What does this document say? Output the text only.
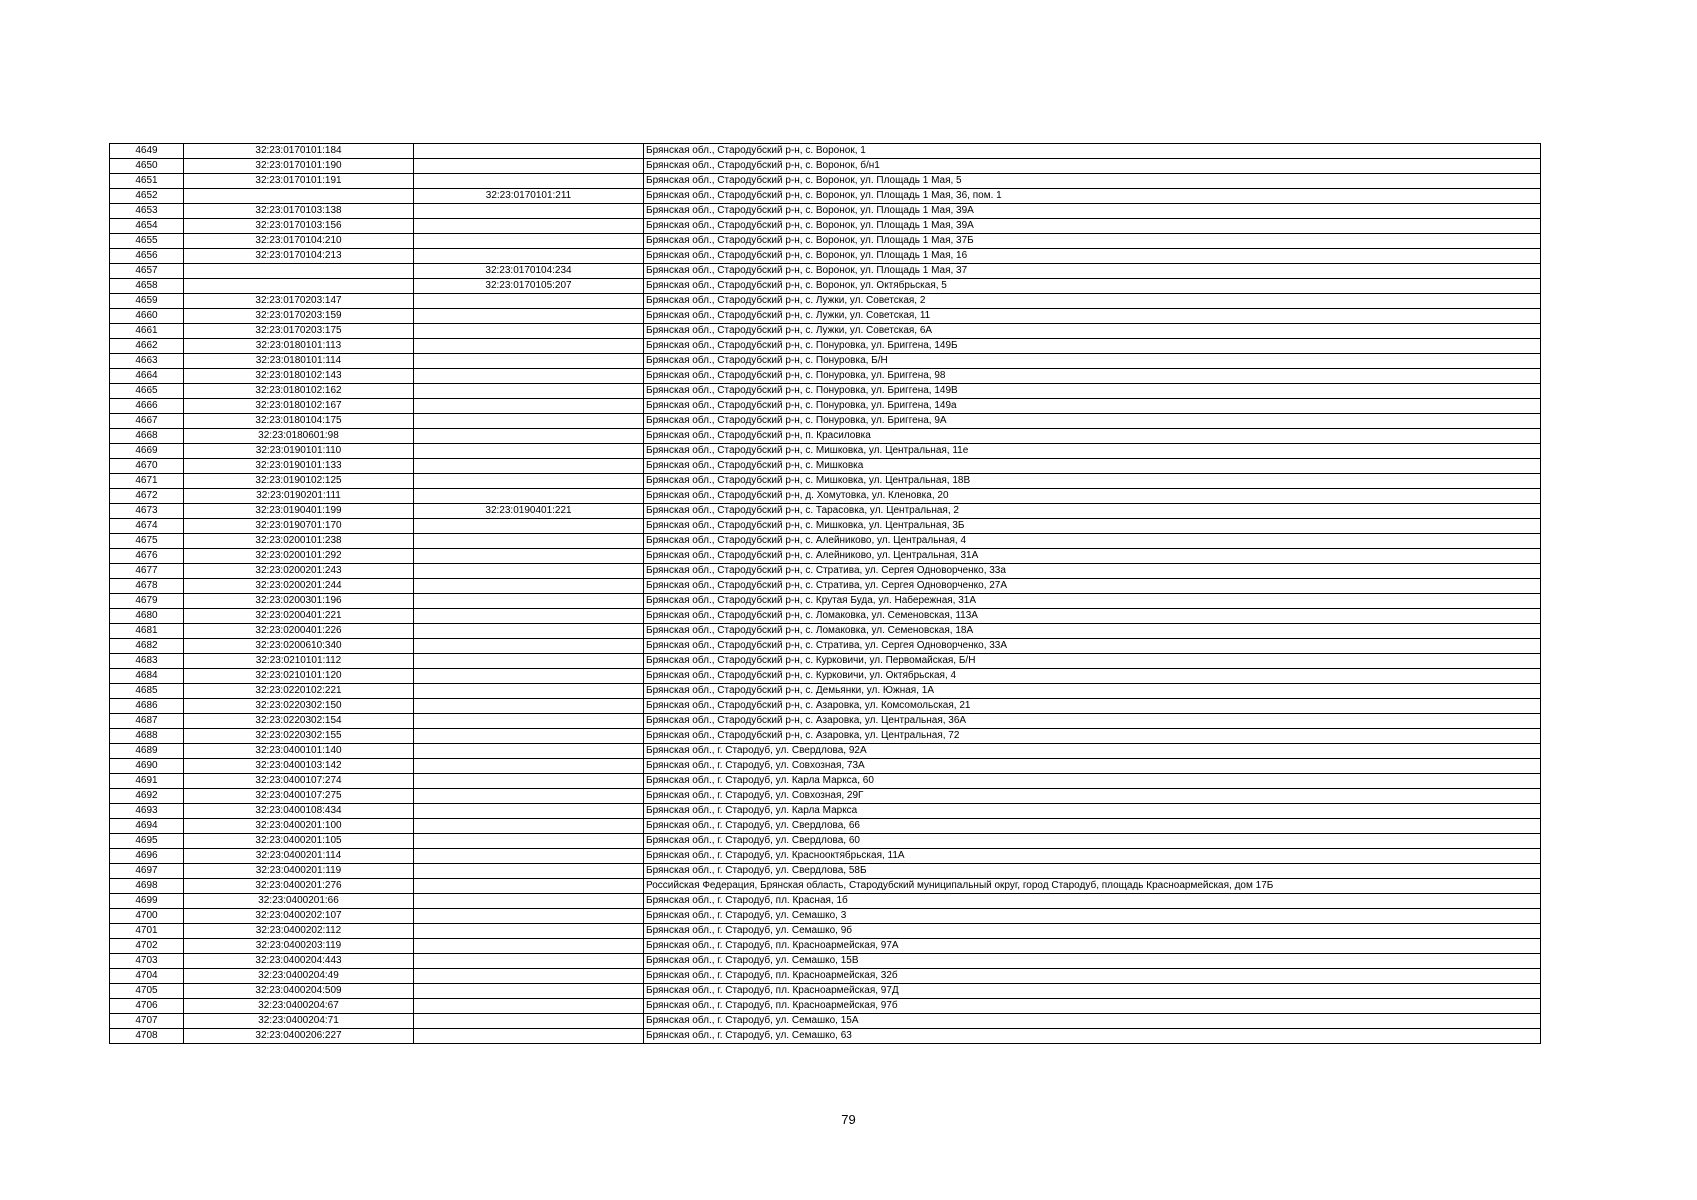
4649	32:23:0170101:184		Брянская обл., Стародубский р-н, с. Воронок, 1
4650	32:23:0170101:190		Брянская обл., Стародубский р-н, с. Воронок, б/н1
4651	32:23:0170101:191		Брянская обл., Стародубский р-н, с. Воронок, ул. Площадь 1 Мая, 5
4652		32:23:0170101:211	Брянская обл., Стародубский р-н, с. Воронок, ул. Площадь 1 Мая, 36, пом. 1
4653	32:23:0170103:138		Брянская обл., Стародубский р-н, с. Воронок, ул. Площадь 1 Мая, 39А
4654	32:23:0170103:156		Брянская обл., Стародубский р-н, с. Воронок, ул. Площадь 1 Мая, 39А
4655	32:23:0170104:210		Брянская обл., Стародубский р-н, с. Воронок, ул. Площадь 1 Мая, 37Б
4656	32:23:0170104:213		Брянская обл., Стародубский р-н, с. Воронок, ул. Площадь 1 Мая, 16
4657		32:23:0170104:234	Брянская обл., Стародубский р-н, с. Воронок, ул. Площадь 1 Мая, 37
4658		32:23:0170105:207	Брянская обл., Стародубский р-н, с. Воронок, ул. Октябрьская, 5
4659	32:23:0170203:147		Брянская обл., Стародубский р-н, с. Лужки, ул. Советская, 2
4660	32:23:0170203:159		Брянская обл., Стародубский р-н, с. Лужки, ул. Советская, 11
4661	32:23:0170203:175		Брянская обл., Стародубский р-н, с. Лужки, ул. Советская, 6А
4662	32:23:0180101:113		Брянская обл., Стародубский р-н, с. Понуровка, ул. Бриггена, 149Б
4663	32:23:0180101:114		Брянская обл., Стародубский р-н, с. Понуровка, Б/Н
4664	32:23:0180102:143		Брянская обл., Стародубский р-н, с. Понуровка, ул. Бриггена, 98
4665	32:23:0180102:162		Брянская обл., Стародубский р-н, с. Понуровка, ул. Бриггена, 149В
4666	32:23:0180102:167		Брянская обл., Стародубский р-н, с. Понуровка, ул. Бриггена, 149а
4667	32:23:0180104:175		Брянская обл., Стародубский р-н, с. Понуровка, ул. Бриггена, 9А
4668	32:23:0180601:98		Брянская обл., Стародубский р-н, п. Красиловка
4669	32:23:0190101:110		Брянская обл., Стародубский р-н, с. Мишковка, ул. Центральная, 11е
4670	32:23:0190101:133		Брянская обл., Стародубский р-н, с. Мишковка
4671	32:23:0190102:125		Брянская обл., Стародубский р-н, с. Мишковка, ул. Центральная, 18В
4672	32:23:0190201:111		Брянская обл., Стародубский р-н, д. Хомутовка, ул. Кленовка, 20
4673	32:23:0190401:199	32:23:0190401:221	Брянская обл., Стародубский р-н, с. Тарасовка, ул. Центральная, 2
4674	32:23:0190701:170		Брянская обл., Стародубский р-н, с. Мишковка, ул. Центральная, 3Б
4675	32:23:0200101:238		Брянская обл., Стародубский р-н, с. Алейниково, ул. Центральная, 4
4676	32:23:0200101:292		Брянская обл., Стародубский р-н, с. Алейниково, ул. Центральная, 31А
4677	32:23:0200201:243		Брянская обл., Стародубский р-н, с. Стратива, ул. Сергея Одноворченко, 33а
4678	32:23:0200201:244		Брянская обл., Стародубский р-н, с. Стратива, ул. Сергея Одноворченко, 27А
4679	32:23:0200301:196		Брянская обл., Стародубский р-н, с. Крутая Буда, ул. Набережная, 31А
4680	32:23:0200401:221		Брянская обл., Стародубский р-н, с. Ломаковка, ул. Семеновская, 113А
4681	32:23:0200401:226		Брянская обл., Стародубский р-н, с. Ломаковка, ул. Семеновская, 18А
4682	32:23:0200610:340		Брянская обл., Стародубский р-н, с. Стратива, ул. Сергея Одноворченко, 33А
4683	32:23:0210101:112		Брянская обл., Стародубский р-н, с. Курковичи, ул. Первомайская, Б/Н
4684	32:23:0210101:120		Брянская обл., Стародубский р-н, с. Курковичи, ул. Октябрьская, 4
4685	32:23:0220102:221		Брянская обл., Стародубский р-н, с. Демьянки, ул. Южная, 1А
4686	32:23:0220302:150		Брянская обл., Стародубский р-н, с. Азаровка, ул. Комсомольская, 21
4687	32:23:0220302:154		Брянская обл., Стародубский р-н, с. Азаровка, ул. Центральная, 36А
4688	32:23:0220302:155		Брянская обл., Стародубский р-н, с. Азаровка, ул. Центральная, 72
4689	32:23:0400101:140		Брянская обл., г. Стародуб, ул. Свердлова, 92А
4690	32:23:0400103:142		Брянская обл., г. Стародуб, ул. Совхозная, 73А
4691	32:23:0400107:274		Брянская обл., г. Стародуб, ул. Карла Маркса, 60
4692	32:23:0400107:275		Брянская обл., г. Стародуб, ул. Совхозная, 29Г
4693	32:23:0400108:434		Брянская обл., г. Стародуб, ул. Карла Маркса
4694	32:23:0400201:100		Брянская обл., г. Стародуб, ул. Свердлова, 66
4695	32:23:0400201:105		Брянская обл., г. Стародуб, ул. Свердлова, 60
4696	32:23:0400201:114		Брянская обл., г. Стародуб, ул. Краснооктябрьская, 11А
4697	32:23:0400201:119		Брянская обл., г. Стародуб, ул. Свердлова, 58Б
4698	32:23:0400201:276		Российская Федерация, Брянская область, Стародубский муниципальный округ, город Стародуб, площадь Красноармейская, дом 17Б
4699	32:23:0400201:66		Брянская обл., г. Стародуб, пл. Красная, 1б
4700	32:23:0400202:107		Брянская обл., г. Стародуб, ул. Семашко, 3
4701	32:23:0400202:112		Брянская обл., г. Стародуб, ул. Семашко, 9б
4702	32:23:0400203:119		Брянская обл., г. Стародуб, пл. Красноармейская, 97А
4703	32:23:0400204:443		Брянская обл., г. Стародуб, ул. Семашко, 15В
4704	32:23:0400204:49		Брянская обл., г. Стародуб, пл. Красноармейская, 32б
4705	32:23:0400204:509		Брянская обл., г. Стародуб, пл. Красноармейская, 97Д
4706	32:23:0400204:67		Брянская обл., г. Стародуб, пл. Красноармейская, 97б
4707	32:23:0400204:71		Брянская обл., г. Стародуб, ул. Семашко, 15А
4708	32:23:0400206:227		Брянская обл., г. Стародуб, ул. Семашко, 63
79
